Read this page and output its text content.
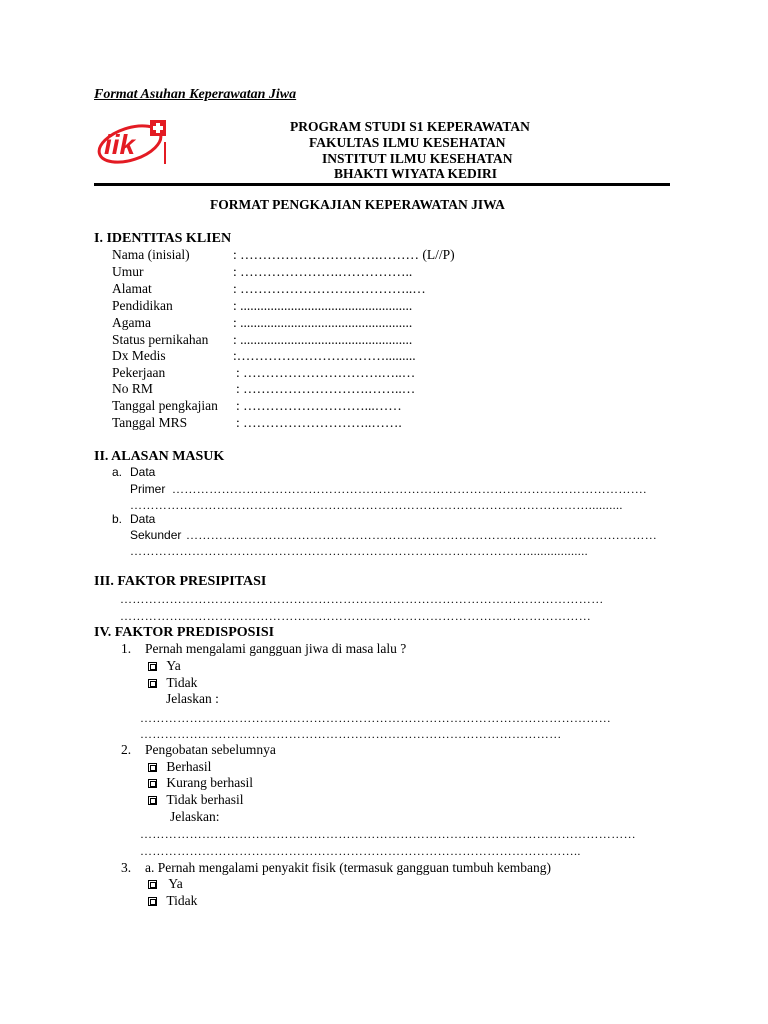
Format Asuhan Keperawatan Jiwa
iik
PROGRAM STUDI S1 KEPERAWATAN
FAKULTAS ILMU KESEHATAN
INSTITUT ILMU KESEHATAN
BHAKTI WIYATA KEDIRI
FORMAT PENGKAJIAN KEPERAWATAN JIWA
I. IDENTITAS KLIEN
Nama (inisial)	: ………………………….……… (L//P)
Umur	: ………………….……………..
Alamat	: …………………….…………..…
Pendidikan	: ...................................................
Agama	: ...................................................
Status pernikahan : ...................................................
Dx Medis	:…………………………….........
Pekerjaan	: ………………………….…..…
No RM	: ……………………….……..…
Tanggal pengkajian : ………………………...……
Tanggal MRS	: ………………………..…….
II. ALASAN MASUK
a. Data
Primer …………………………………………………………………………………………………….
…………………………………………………………………………………………………..........
b. Data
Sekunder ……………………………………………………………………………………………………
……………………………………………………………………………………..................
III. FAKTOR PRESIPITASI
………………………………………………………………………………………………………
……………………………………………………………………………………………………
IV. FAKTOR PREDISPOSISI
1. Pernah mengalami gangguan jiwa di masa lalu ?
Ya
Tidak
Jelaskan :
……………………………………………………………………………………………………
…………………………………………………………………………………………
2. Pengobatan sebelumnya
Berhasil
Kurang berhasil
Tidak berhasil
Jelaskan:
…………………………………………………………………………………………………………
……………………………………………………………………………………………..
3. a. Pernah mengalami penyakit fisik (termasuk gangguan tumbuh kembang)
Ya
Tidak
